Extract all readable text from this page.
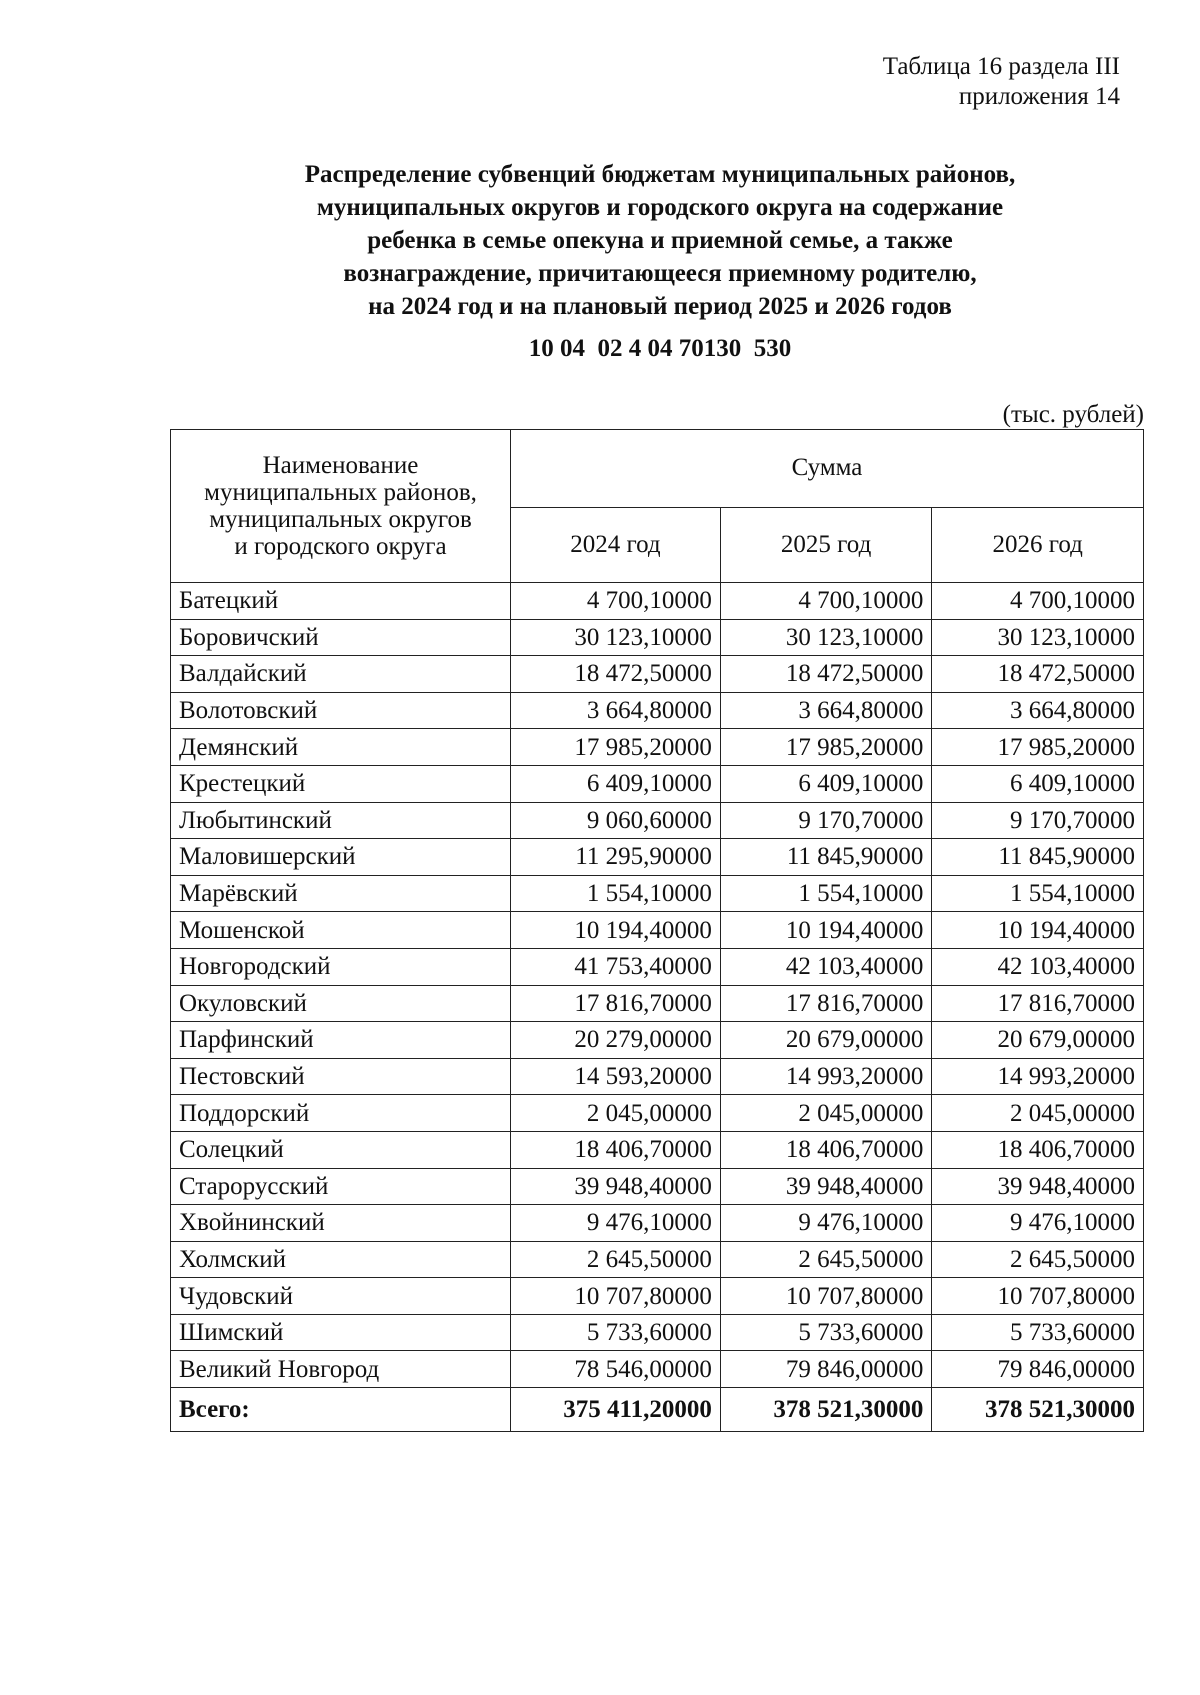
Таблица 16 раздела III
приложения 14
Распределение субвенций бюджетам муниципальных районов,
муниципальных округов и городского округа на содержание
ребенка в семье опекуна и приемной семье, а также
вознаграждение, причитающееся приемному родителю,
на 2024 год и на плановый период 2025 и 2026 годов
10 04  02 4 04 70130  530
(тыс. рублей)
Наименование
муниципальных районов,
муниципальных округов
и городского округа	Сумма		
	2024 год	2025 год	2026 год
Батецкий	4 700,10000	4 700,10000	4 700,10000
Боровичский	30 123,10000	30 123,10000	30 123,10000
Валдайский	18 472,50000	18 472,50000	18 472,50000
Волотовский	3 664,80000	3 664,80000	3 664,80000
Демянский	17 985,20000	17 985,20000	17 985,20000
Крестецкий	6 409,10000	6 409,10000	6 409,10000
Любытинский	9 060,60000	9 170,70000	9 170,70000
Маловишерский	11 295,90000	11 845,90000	11 845,90000
Марёвский	1 554,10000	1 554,10000	1 554,10000
Мошенской	10 194,40000	10 194,40000	10 194,40000
Новгородский	41 753,40000	42 103,40000	42 103,40000
Окуловский	17 816,70000	17 816,70000	17 816,70000
Парфинский	20 279,00000	20 679,00000	20 679,00000
Пестовский	14 593,20000	14 993,20000	14 993,20000
Поддорский	2 045,00000	2 045,00000	2 045,00000
Солецкий	18 406,70000	18 406,70000	18 406,70000
Старорусский	39 948,40000	39 948,40000	39 948,40000
Хвойнинский	9 476,10000	9 476,10000	9 476,10000
Холмский	2 645,50000	2 645,50000	2 645,50000
Чудовский	10 707,80000	10 707,80000	10 707,80000
Шимский	5 733,60000	5 733,60000	5 733,60000
Великий Новгород	78 546,00000	79 846,00000	79 846,00000
Всего:	375 411,20000	378 521,30000	378 521,30000
